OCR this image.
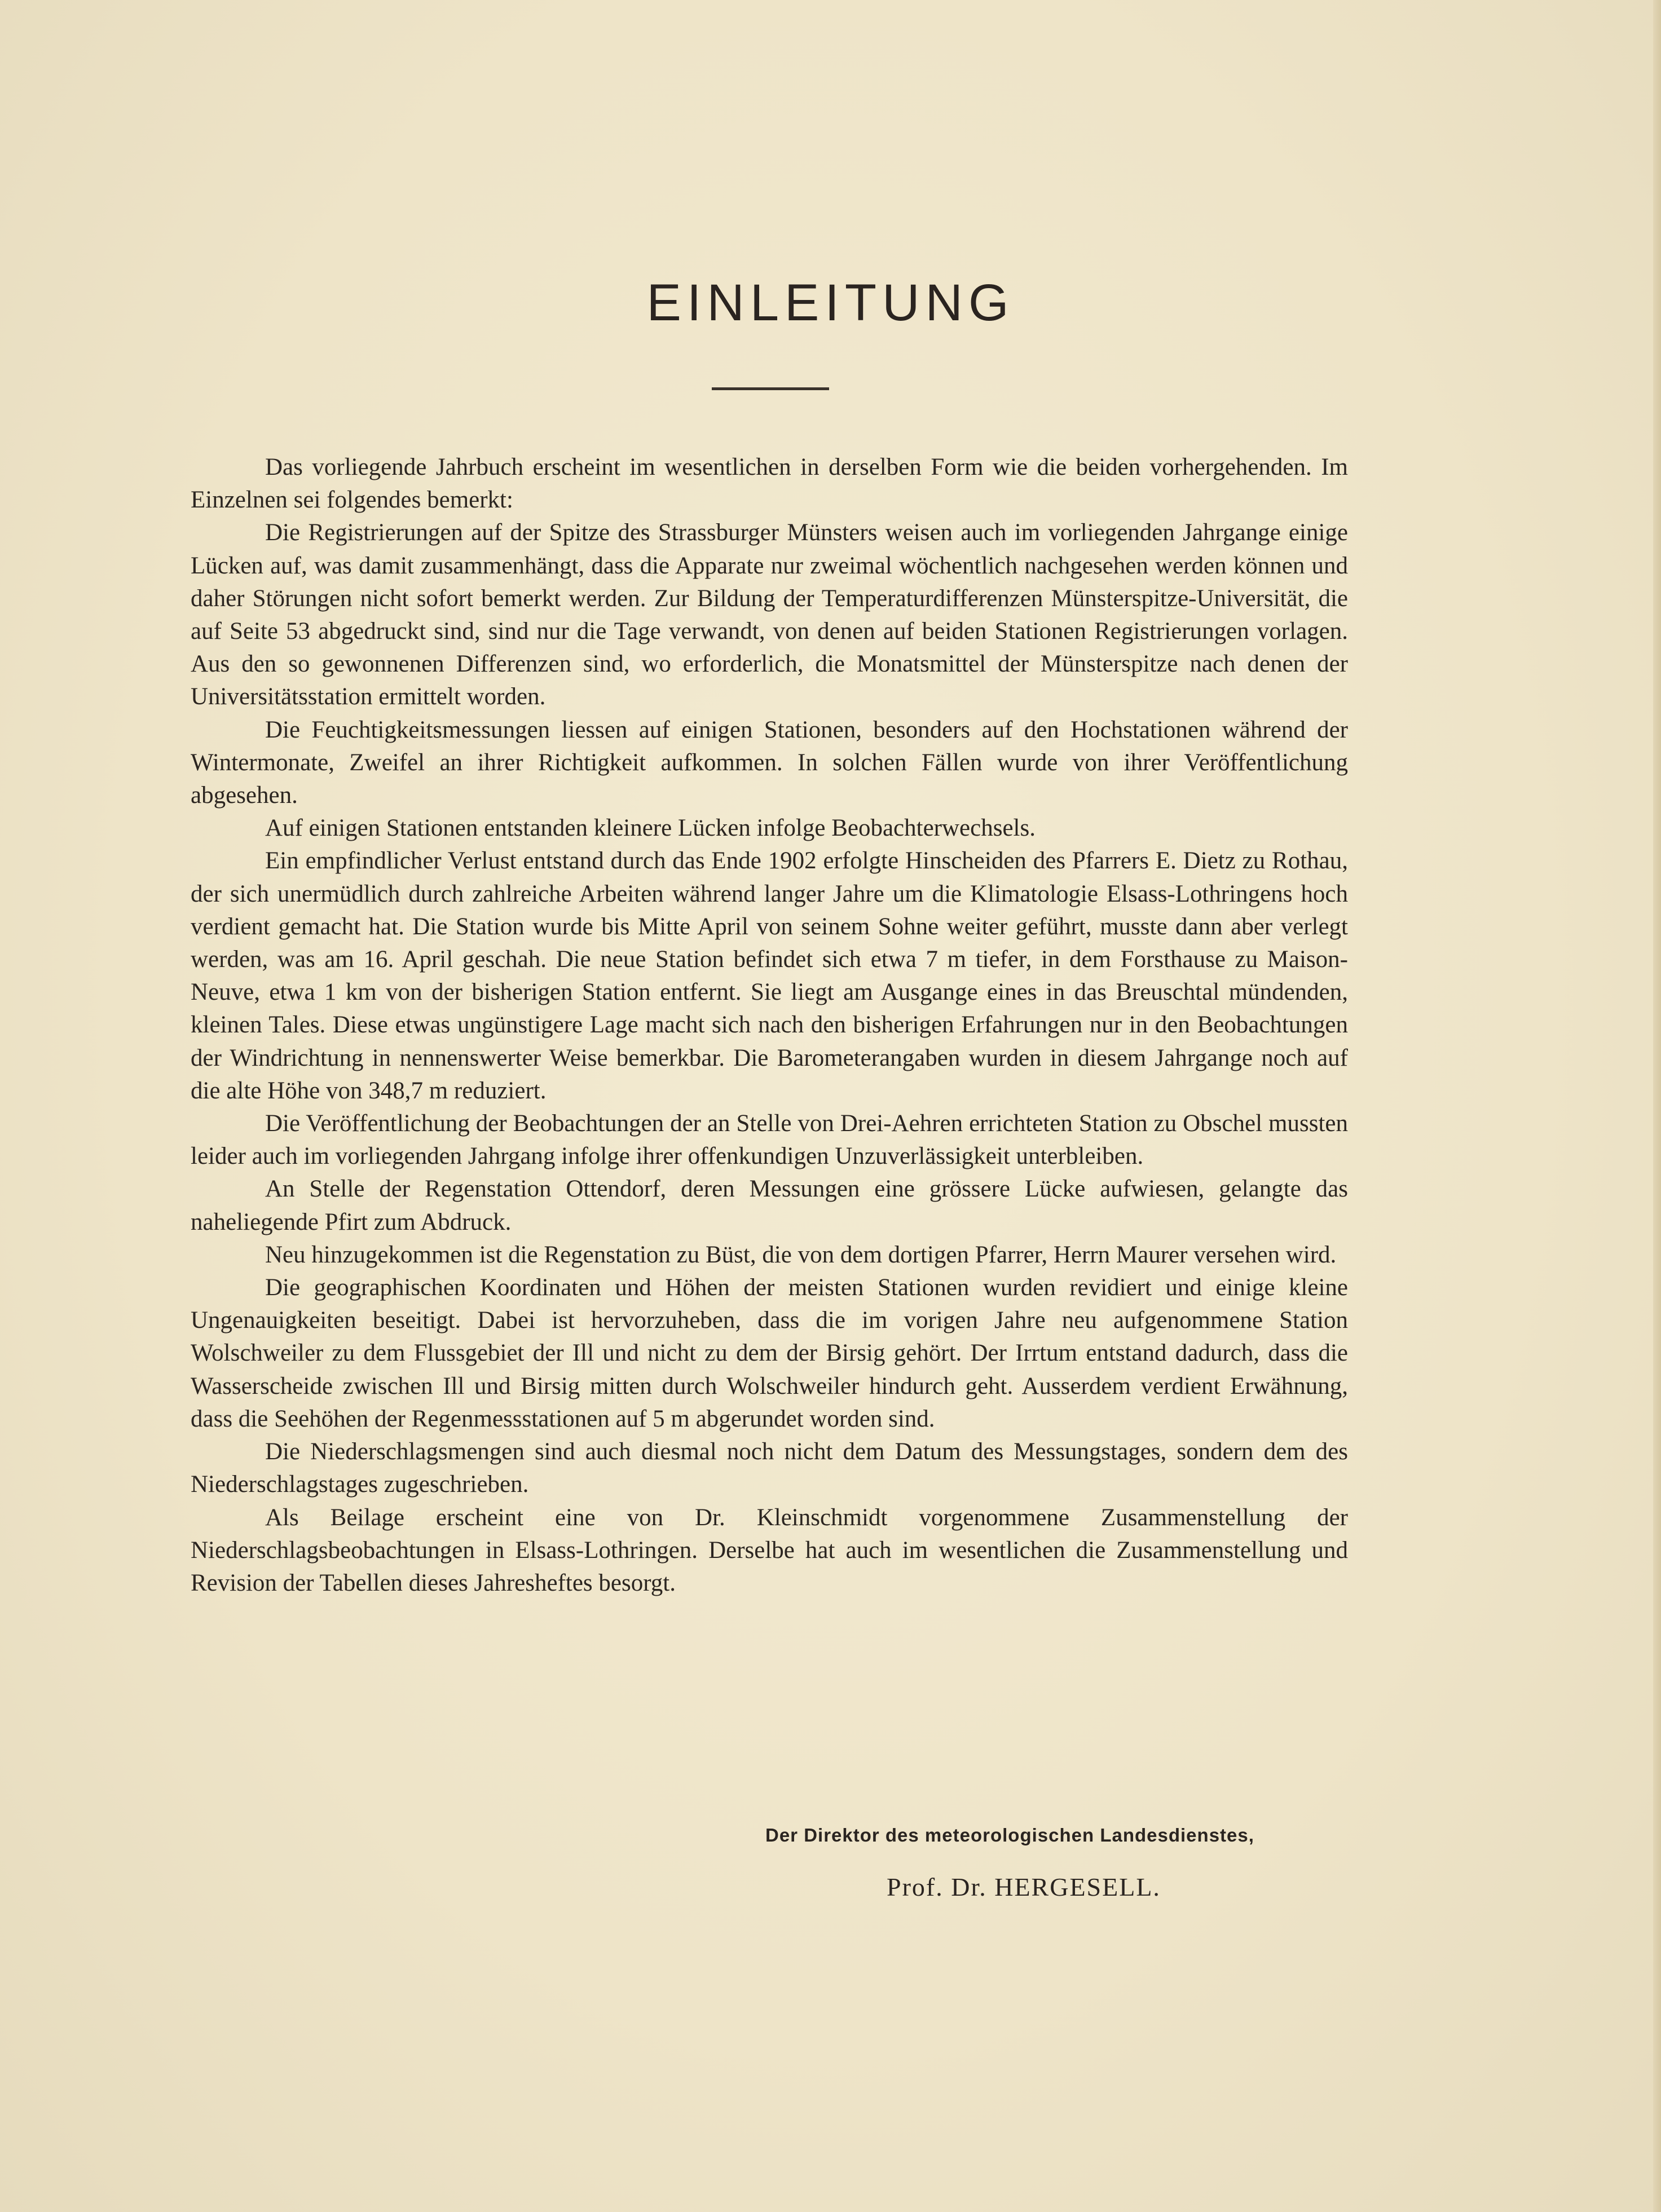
EINLEITUNG

Das vorliegende Jahrbuch erscheint im wesentlichen in derselben Form wie die beiden vorhergehenden. Im Einzelnen sei folgendes bemerkt:

Die Registrierungen auf der Spitze des Strassburger Münsters weisen auch im vorliegenden Jahrgange einige Lücken auf, was damit zusammenhängt, dass die Apparate nur zweimal wöchentlich nachgesehen werden können und daher Störungen nicht sofort bemerkt werden. Zur Bildung der Temperaturdifferenzen Münsterspitze-Universität, die auf Seite 53 abgedruckt sind, sind nur die Tage verwandt, von denen auf beiden Stationen Registrierungen vorlagen. Aus den so gewonnenen Differenzen sind, wo erforderlich, die Monatsmittel der Münsterspitze nach denen der Universitätsstation ermittelt worden.

Die Feuchtigkeitsmessungen liessen auf einigen Stationen, besonders auf den Hochstationen während der Wintermonate, Zweifel an ihrer Richtigkeit aufkommen. In solchen Fällen wurde von ihrer Veröffentlichung abgesehen.

Auf einigen Stationen entstanden kleinere Lücken infolge Beobachterwechsels.

Ein empfindlicher Verlust entstand durch das Ende 1902 erfolgte Hinscheiden des Pfarrers E. Dietz zu Rothau, der sich unermüdlich durch zahlreiche Arbeiten während langer Jahre um die Klimatologie Elsass-Lothringens hoch verdient gemacht hat. Die Station wurde bis Mitte April von seinem Sohne weiter geführt, musste dann aber verlegt werden, was am 16. April geschah. Die neue Station befindet sich etwa 7 m tiefer, in dem Forsthause zu Maison-Neuve, etwa 1 km von der bisherigen Station entfernt. Sie liegt am Ausgange eines in das Breuschtal mündenden, kleinen Tales. Diese etwas ungünstigere Lage macht sich nach den bisherigen Erfahrungen nur in den Beobachtungen der Windrichtung in nennenswerter Weise bemerkbar. Die Barometerangaben wurden in diesem Jahrgange noch auf die alte Höhe von 348,7 m reduziert.

Die Veröffentlichung der Beobachtungen der an Stelle von Drei-Aehren errichteten Station zu Obschel mussten leider auch im vorliegenden Jahrgang infolge ihrer offenkundigen Unzuverlässigkeit unterbleiben.

An Stelle der Regenstation Ottendorf, deren Messungen eine grössere Lücke aufwiesen, gelangte das naheliegende Pfirt zum Abdruck.

Neu hinzugekommen ist die Regenstation zu Büst, die von dem dortigen Pfarrer, Herrn Maurer versehen wird.

Die geographischen Koordinaten und Höhen der meisten Stationen wurden revidiert und einige kleine Ungenauigkeiten beseitigt. Dabei ist hervorzuheben, dass die im vorigen Jahre neu aufgenommene Station Wolschweiler zu dem Flussgebiet der Ill und nicht zu dem der Birsig gehört. Der Irrtum entstand dadurch, dass die Wasserscheide zwischen Ill und Birsig mitten durch Wolschweiler hindurch geht. Ausserdem verdient Erwähnung, dass die Seehöhen der Regenmessstationen auf 5 m abgerundet worden sind.

Die Niederschlagsmengen sind auch diesmal noch nicht dem Datum des Messungstages, sondern dem des Niederschlagstages zugeschrieben.

Als Beilage erscheint eine von Dr. Kleinschmidt vorgenommene Zusammenstellung der Niederschlagsbeobachtungen in Elsass-Lothringen. Derselbe hat auch im wesentlichen die Zusammenstellung und Revision der Tabellen dieses Jahresheftes besorgt.

Der Direktor des meteorologischen Landesdienstes,
Prof. Dr. HERGESELL.
